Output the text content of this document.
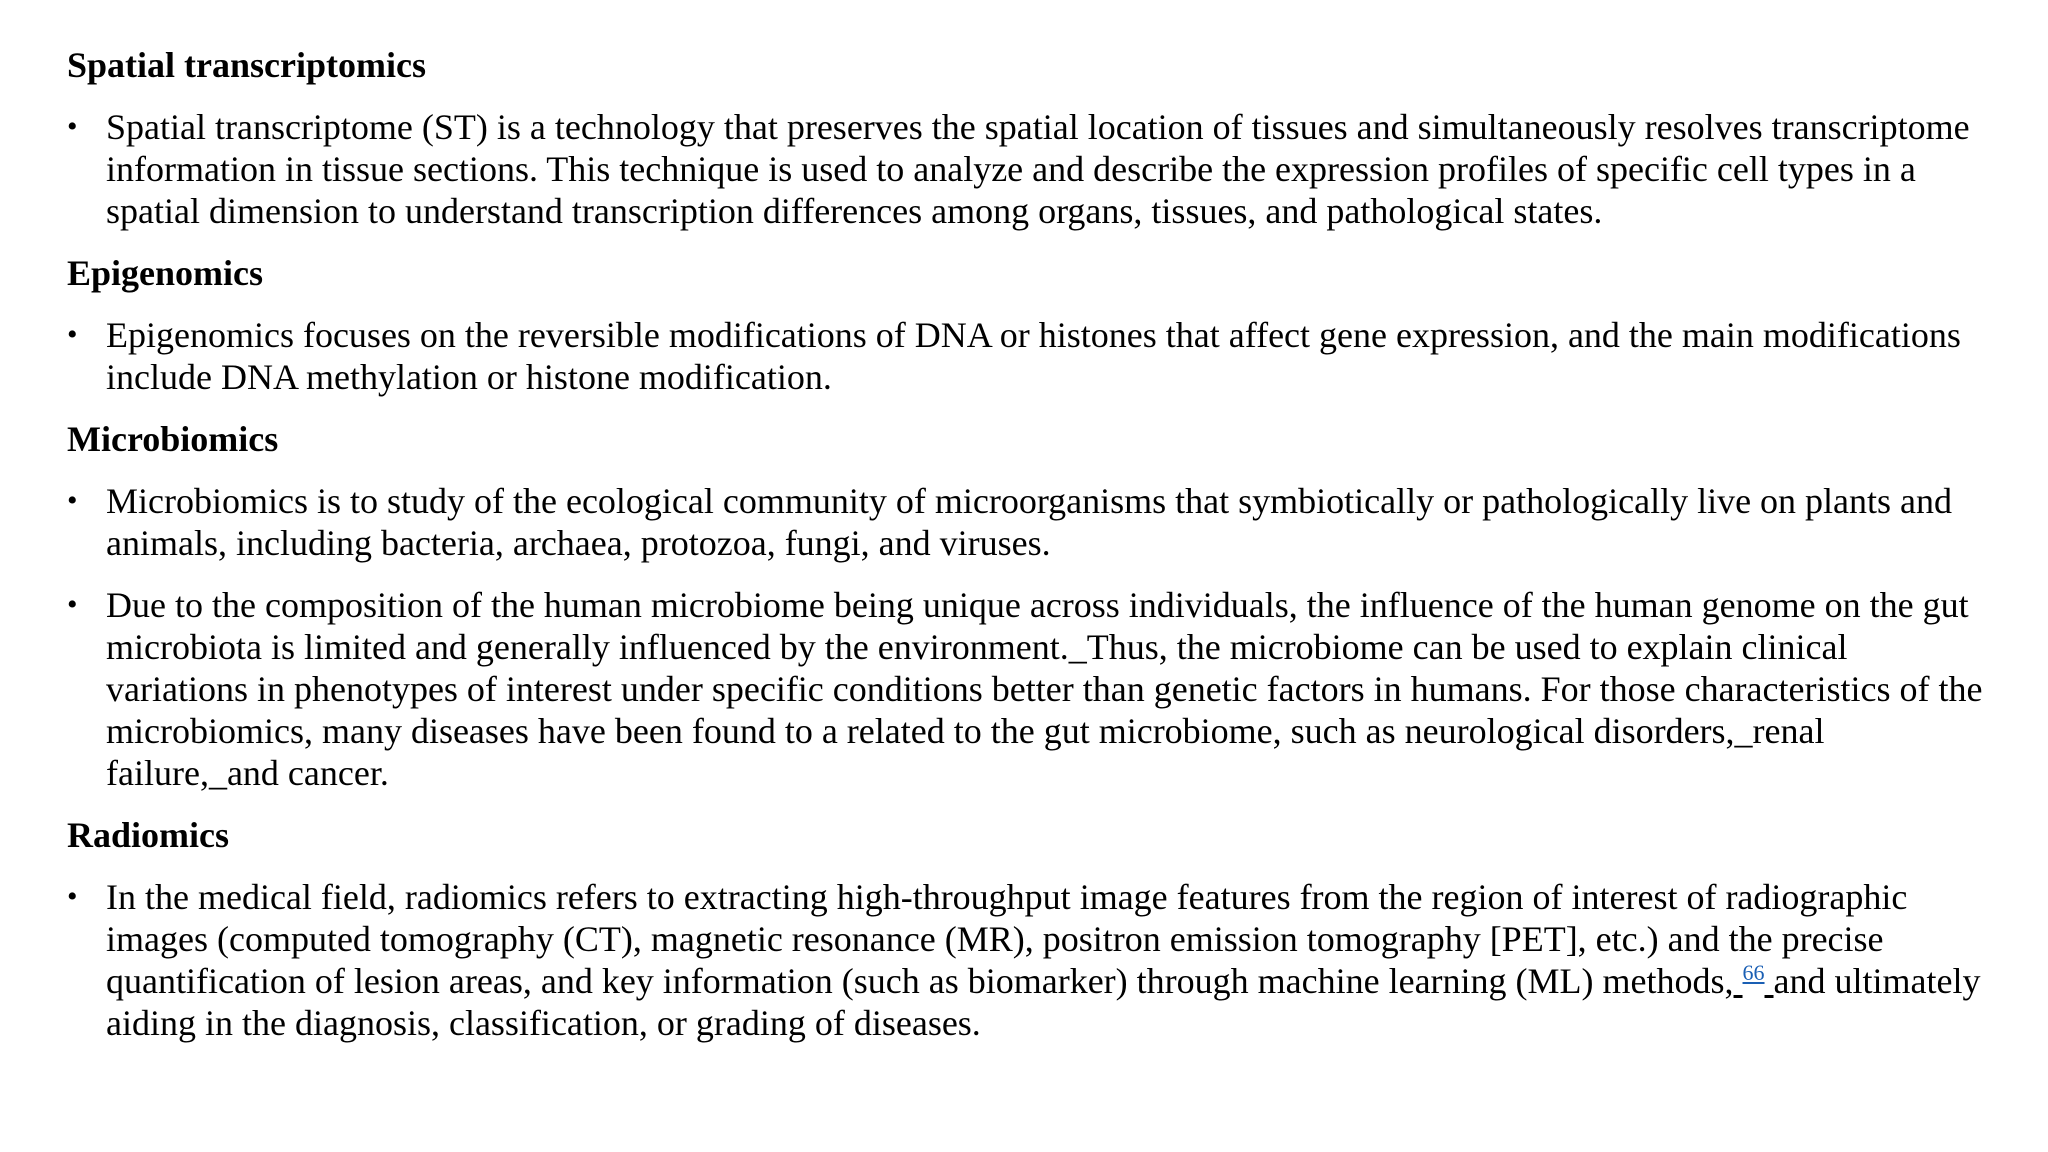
Spatial transcriptomics
• Spatial transcriptome (ST) is a technology that preserves the spatial location of tissues and simultaneously resolves transcriptome information in tissue sections. This technique is used to analyze and describe the expression profiles of specific cell types in a spatial dimension to understand transcription differences among organs, tissues, and pathological states.
Epigenomics
• Epigenomics focuses on the reversible modifications of DNA or histones that affect gene expression, and the main modifications include DNA methylation or histone modification.
Microbiomics
• Microbiomics is to study of the ecological community of microorganisms that symbiotically or pathologically live on plants and animals, including bacteria, archaea, protozoa, fungi, and viruses.
• Due to the composition of the human microbiome being unique across individuals, the influence of the human genome on the gut microbiota is limited and generally influenced by the environment._Thus, the microbiome can be used to explain clinical variations in phenotypes of interest under specific conditions better than genetic factors in humans. For those characteristics of the microbiomics, many diseases have been found to a related to the gut microbiome, such as neurological disorders,_renal failure,_and cancer.
Radiomics
• In the medical field, radiomics refers to extracting high-throughput image features from the region of interest of radiographic images (computed tomography (CT), magnetic resonance (MR), positron emission tomography [PET], etc.) and the precise quantification of lesion areas, and key information (such as biomarker) through machine learning (ML) methods, $^{66}$ and ultimately aiding in the diagnosis, classification, or grading of diseases.
